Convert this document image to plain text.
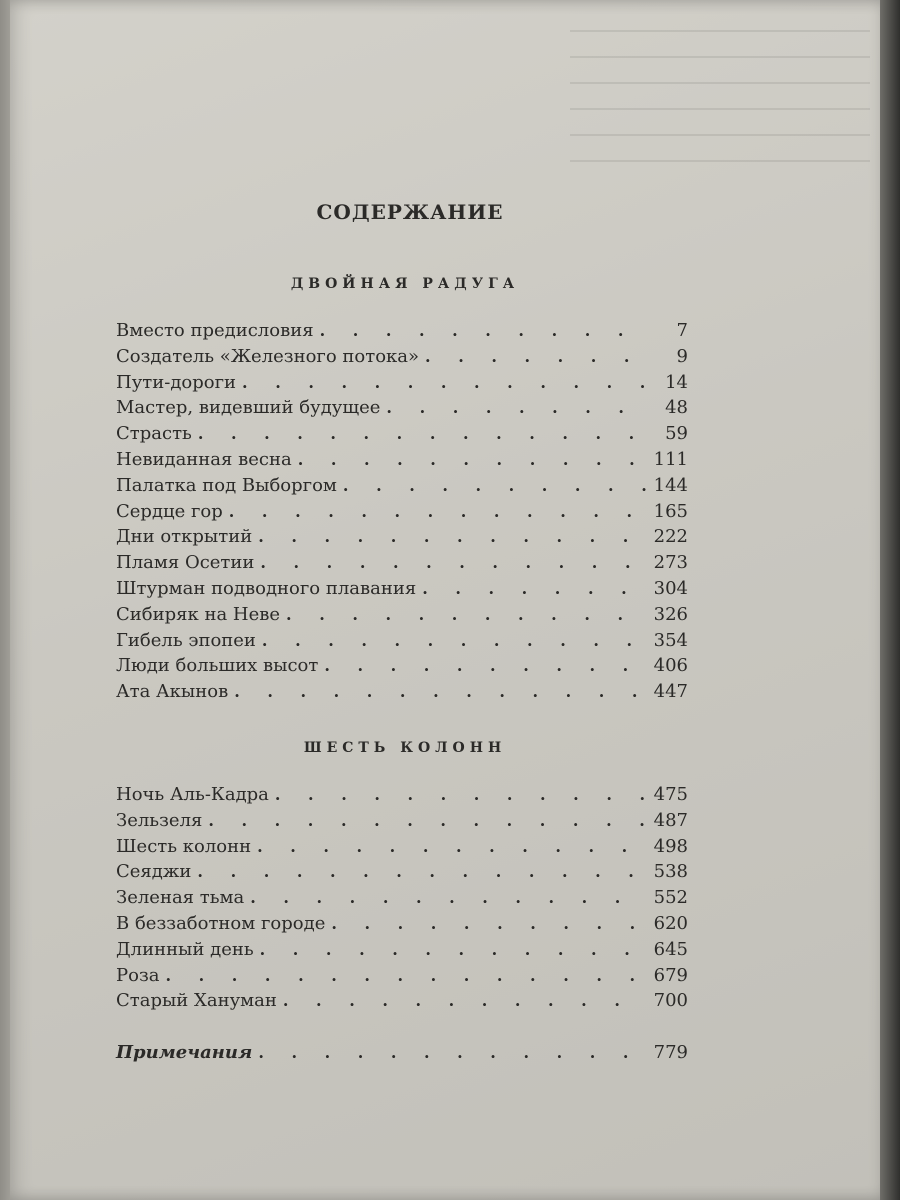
СОДЕРЖАНИЕ
ДВОЙНАЯ РАДУГА
Вместо предисловия . . .	7
Создатель «Железного потока» . . .	9
Пути-дороги . . .	14
Мастер, видевший будущее . . .	48
Страсть . . .	59
Невиданная весна . . .	111
Палатка под Выборгом . . .	144
Сердце гор . . .	165
Дни открытий . . .	222
Пламя Осетии . . .	273
Штурман подводного плавания . . .	304
Сибиряк на Неве . . .	326
Гибель эпопеи . . .	354
Люди больших высот . . .	406
Ата Акынов . . .	447
ШЕСТЬ КОЛОНН
Ночь Аль-Кадра . . .	475
Зельзеля . . .	487
Шесть колонн . . .	498
Сеяджи . . .	538
Зеленая тьма . . .	552
В беззаботном городе . . .	620
Длинный день . . .	645
Роза . . .	679
Старый Хануман . . .	700
Примечания . . .	779
